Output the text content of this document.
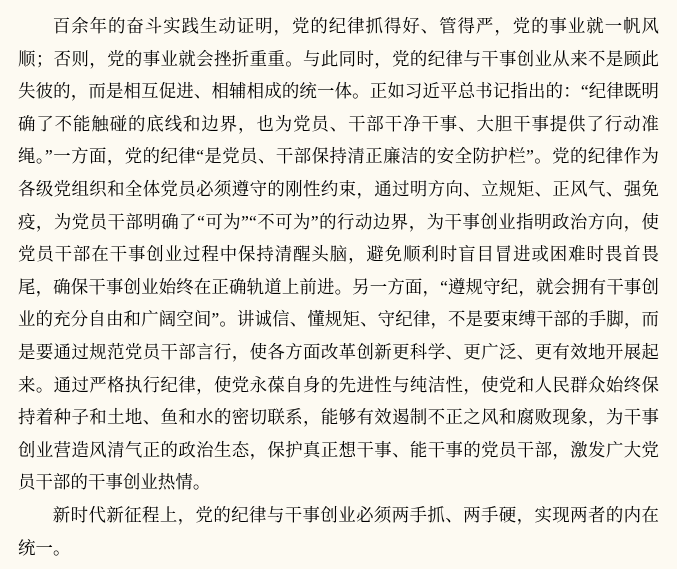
百余年的奋斗实践生动证明，党的纪律抓得好、管得严，党的事业就一帆风顺；否则，党的事业就会挫折重重。与此同时，党的纪律与干事创业从来不是顾此失彼的，而是相互促进、相辅相成的统一体。正如习近平总书记指出的：“纪律既明确了不能触碰的底线和边界，也为党员、干部干净干事、大胆干事提供了行动准绳。”一方面，党的纪律“是党员、干部保持清正廉洁的安全防护栏”。党的纪律作为各级党组织和全体党员必须遵守的刚性约束，通过明方向、立规矩、正风气、强免疫，为党员干部明确了“可为”“不可为”的行动边界，为干事创业指明政治方向，使党员干部在干事创业过程中保持清醒头脑，避免顺利时盲目冒进或困难时畏首畏尾，确保干事创业始终在正确轨道上前进。另一方面，“遵规守纪，就会拥有干事创业的充分自由和广阔空间”。讲诚信、懂规矩、守纪律，不是要束缚干部的手脚，而是要通过规范党员干部言行，使各方面改革创新更科学、更广泛、更有效地开展起来。通过严格执行纪律，使党永葆自身的先进性与纯洁性，使党和人民群众始终保持着种子和土地、鱼和水的密切联系，能够有效遏制不正之风和腐败现象，为干事创业营造风清气正的政治生态，保护真正想干事、能干事的党员干部，激发广大党员干部的干事创业热情。

新时代新征程上，党的纪律与干事创业必须两手抓、两手硬，实现两者的内在统一。
